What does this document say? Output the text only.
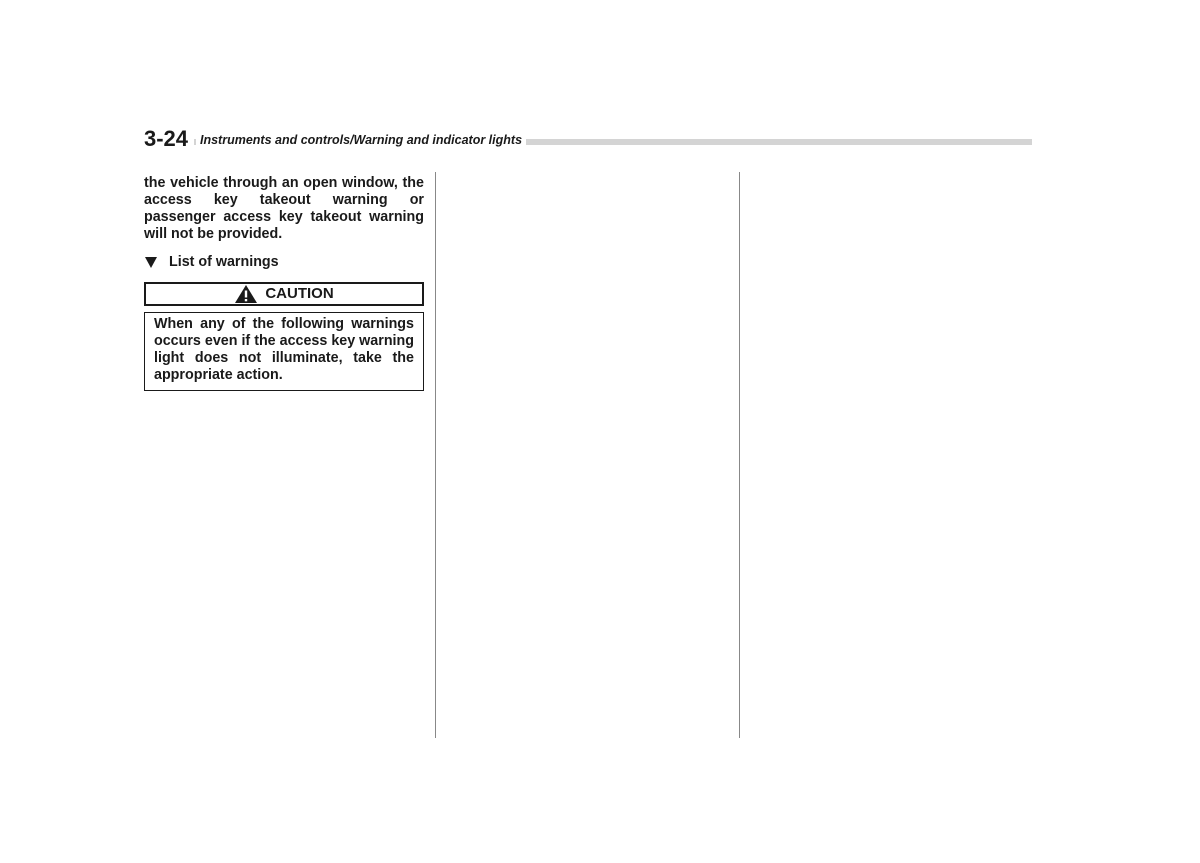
3-24 Instruments and controls/Warning and indicator lights

the vehicle through an open window, the access key takeout warning or passenger access key takeout warning will not be provided.

List of warnings
CAUTION

When any of the following warnings occurs even if the access key warning light does not illuminate, take the appropriate action.
